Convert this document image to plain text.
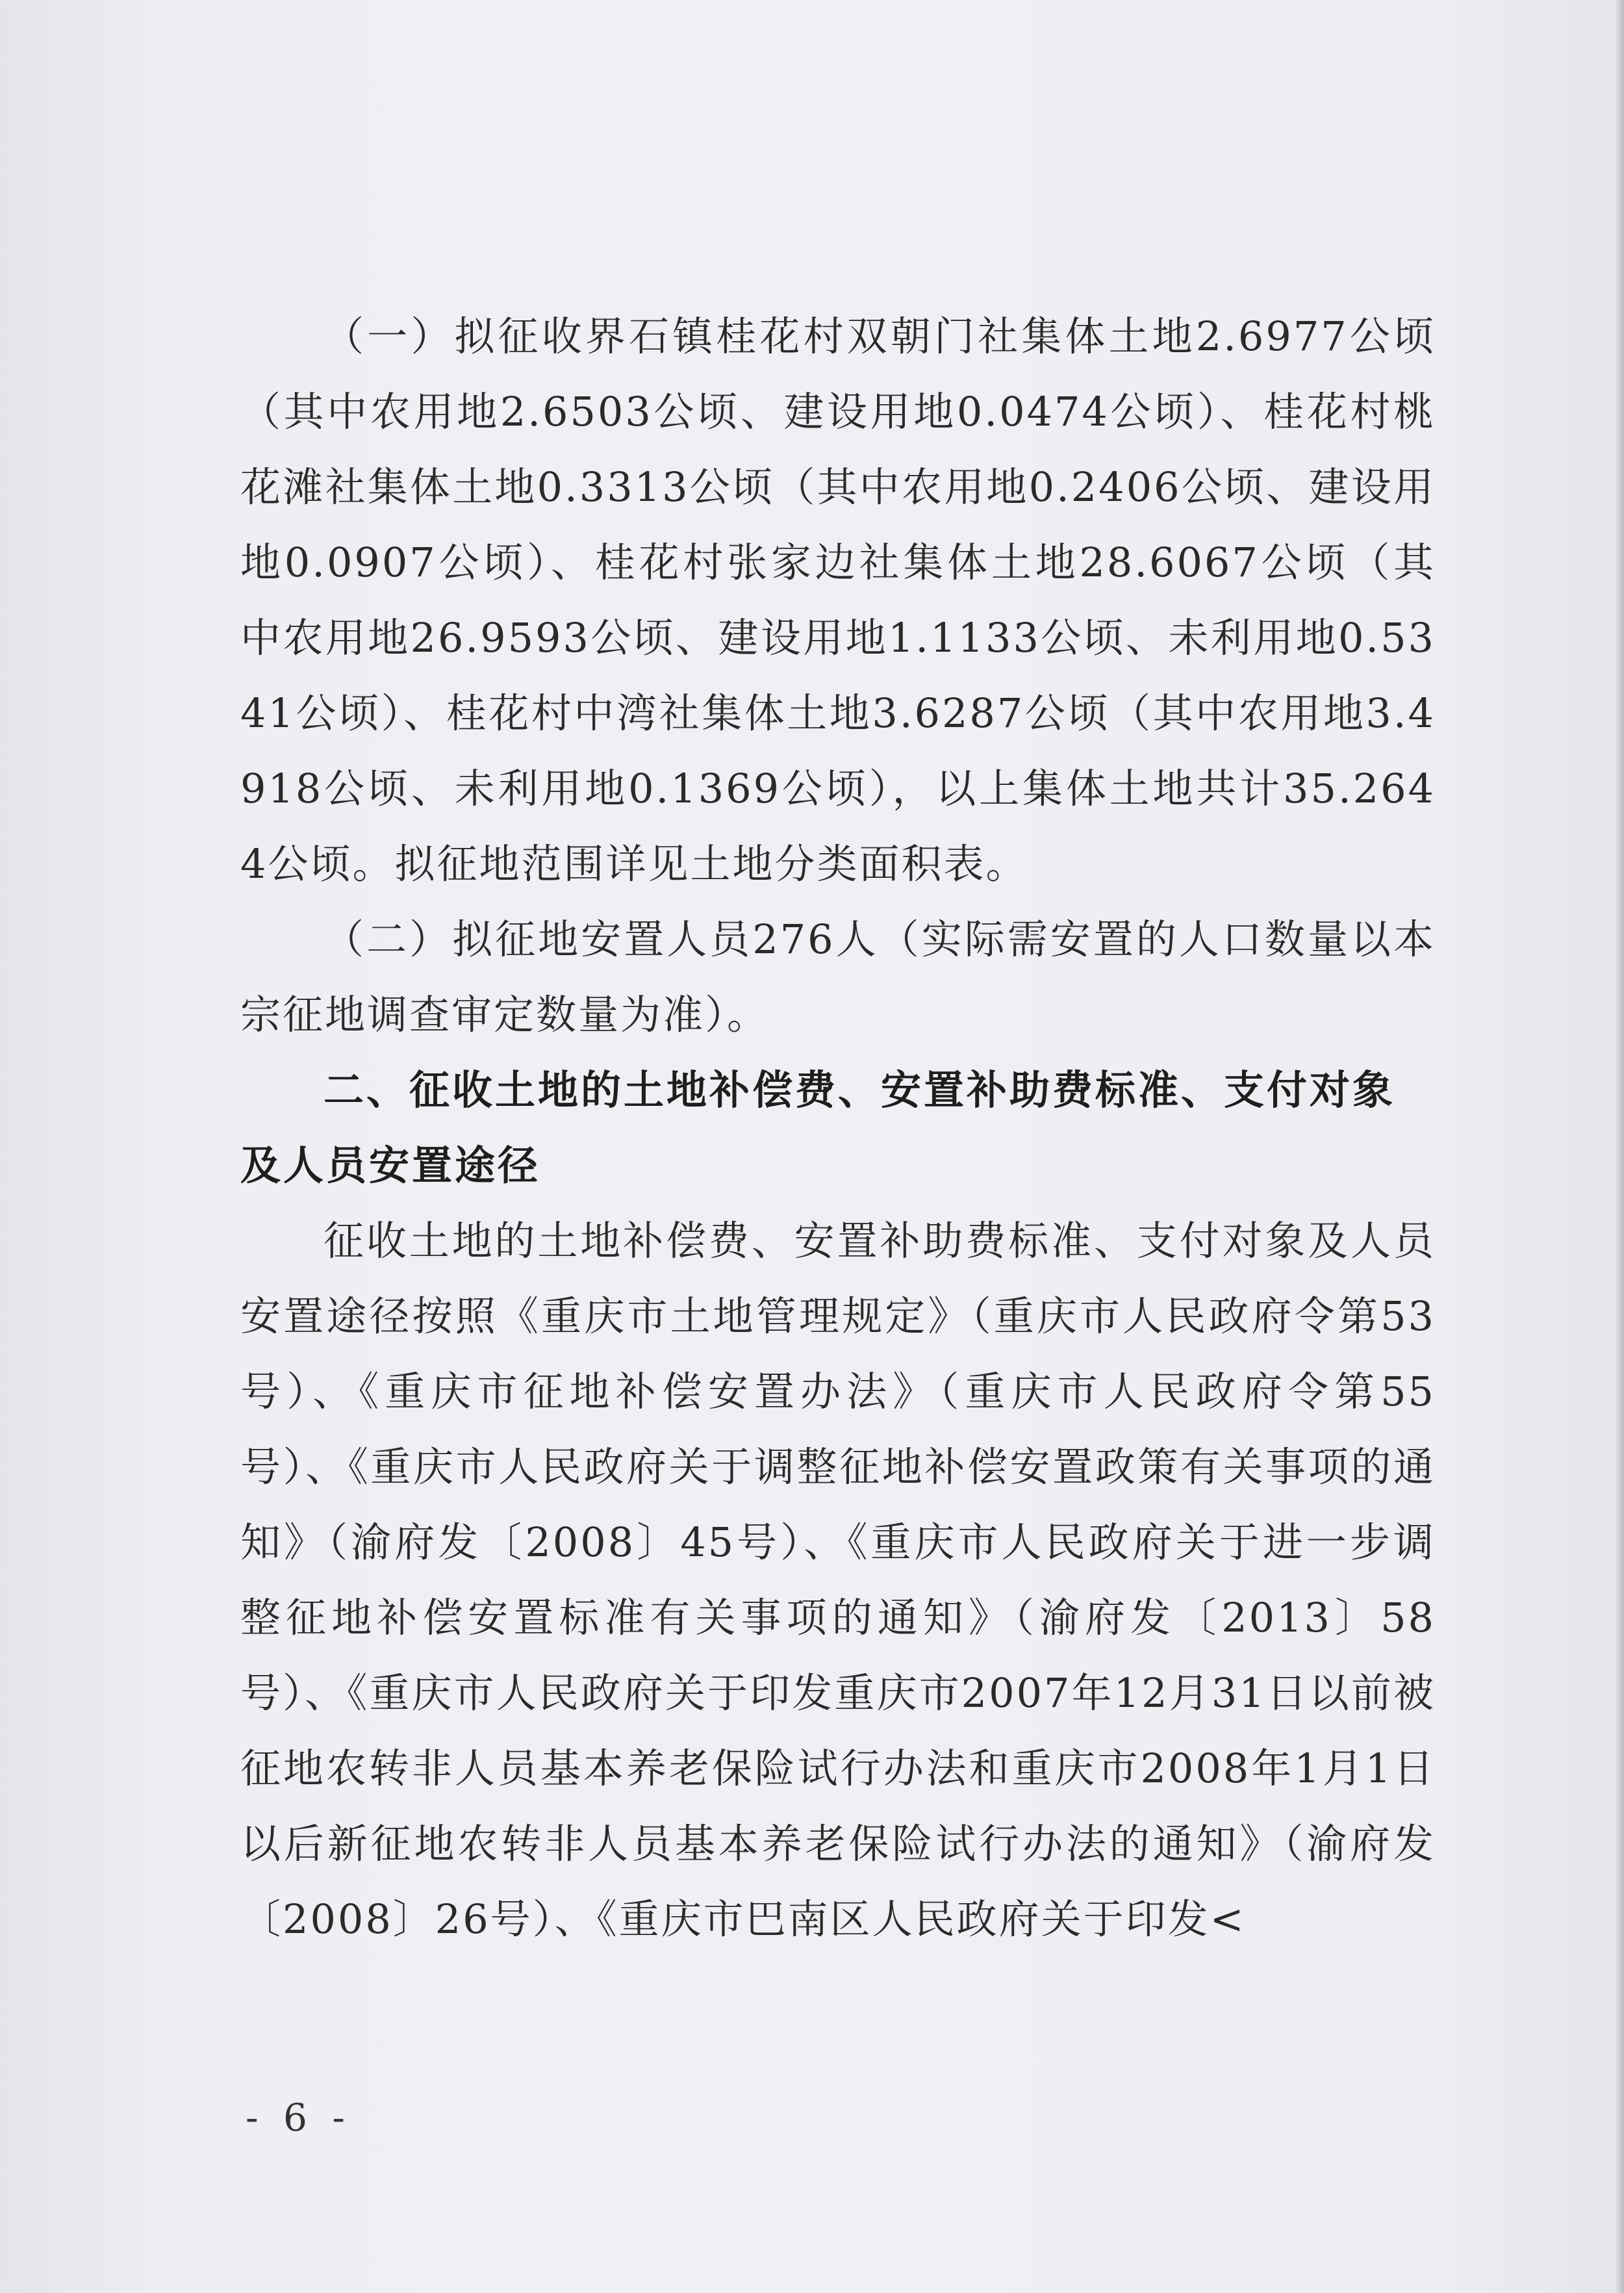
（一）拟征收界石镇桂花村双朝门社集体土地2.6977公顷（其中农用地2.6503公顷、建设用地0.0474公顷）、桂花村桃花滩社集体土地0.3313公顷（其中农用地0.2406公顷、建设用地0.0907公顷）、桂花村张家边社集体土地28.6067公顷（其中农用地26.9593公顷、建设用地1.1133公顷、未利用地0.5341公顷）、桂花村中湾社集体土地3.6287公顷（其中农用地3.4918公顷、未利用地0.1369公顷），以上集体土地共计35.2644公顷。拟征地范围详见土地分类面积表。

（二）拟征地安置人员276人（实际需安置的人口数量以本宗征地调查审定数量为准）。

二、征收土地的土地补偿费、安置补助费标准、支付对象及人员安置途径

征收土地的土地补偿费、安置补助费标准、支付对象及人员安置途径按照《重庆市土地管理规定》（重庆市人民政府令第53号）、《重庆市征地补偿安置办法》（重庆市人民政府令第55号）、《重庆市人民政府关于调整征地补偿安置政策有关事项的通知》（渝府发〔2008〕45号）、《重庆市人民政府关于进一步调整征地补偿安置标准有关事项的通知》（渝府发〔2013〕58号）、《重庆市人民政府关于印发重庆市2007年12月31日以前被征地农转非人员基本养老保险试行办法和重庆市2008年1月1日以后新征地农转非人员基本养老保险试行办法的通知》（渝府发〔2008〕26号）、《重庆市巴南区人民政府关于印发<

- 6 -
